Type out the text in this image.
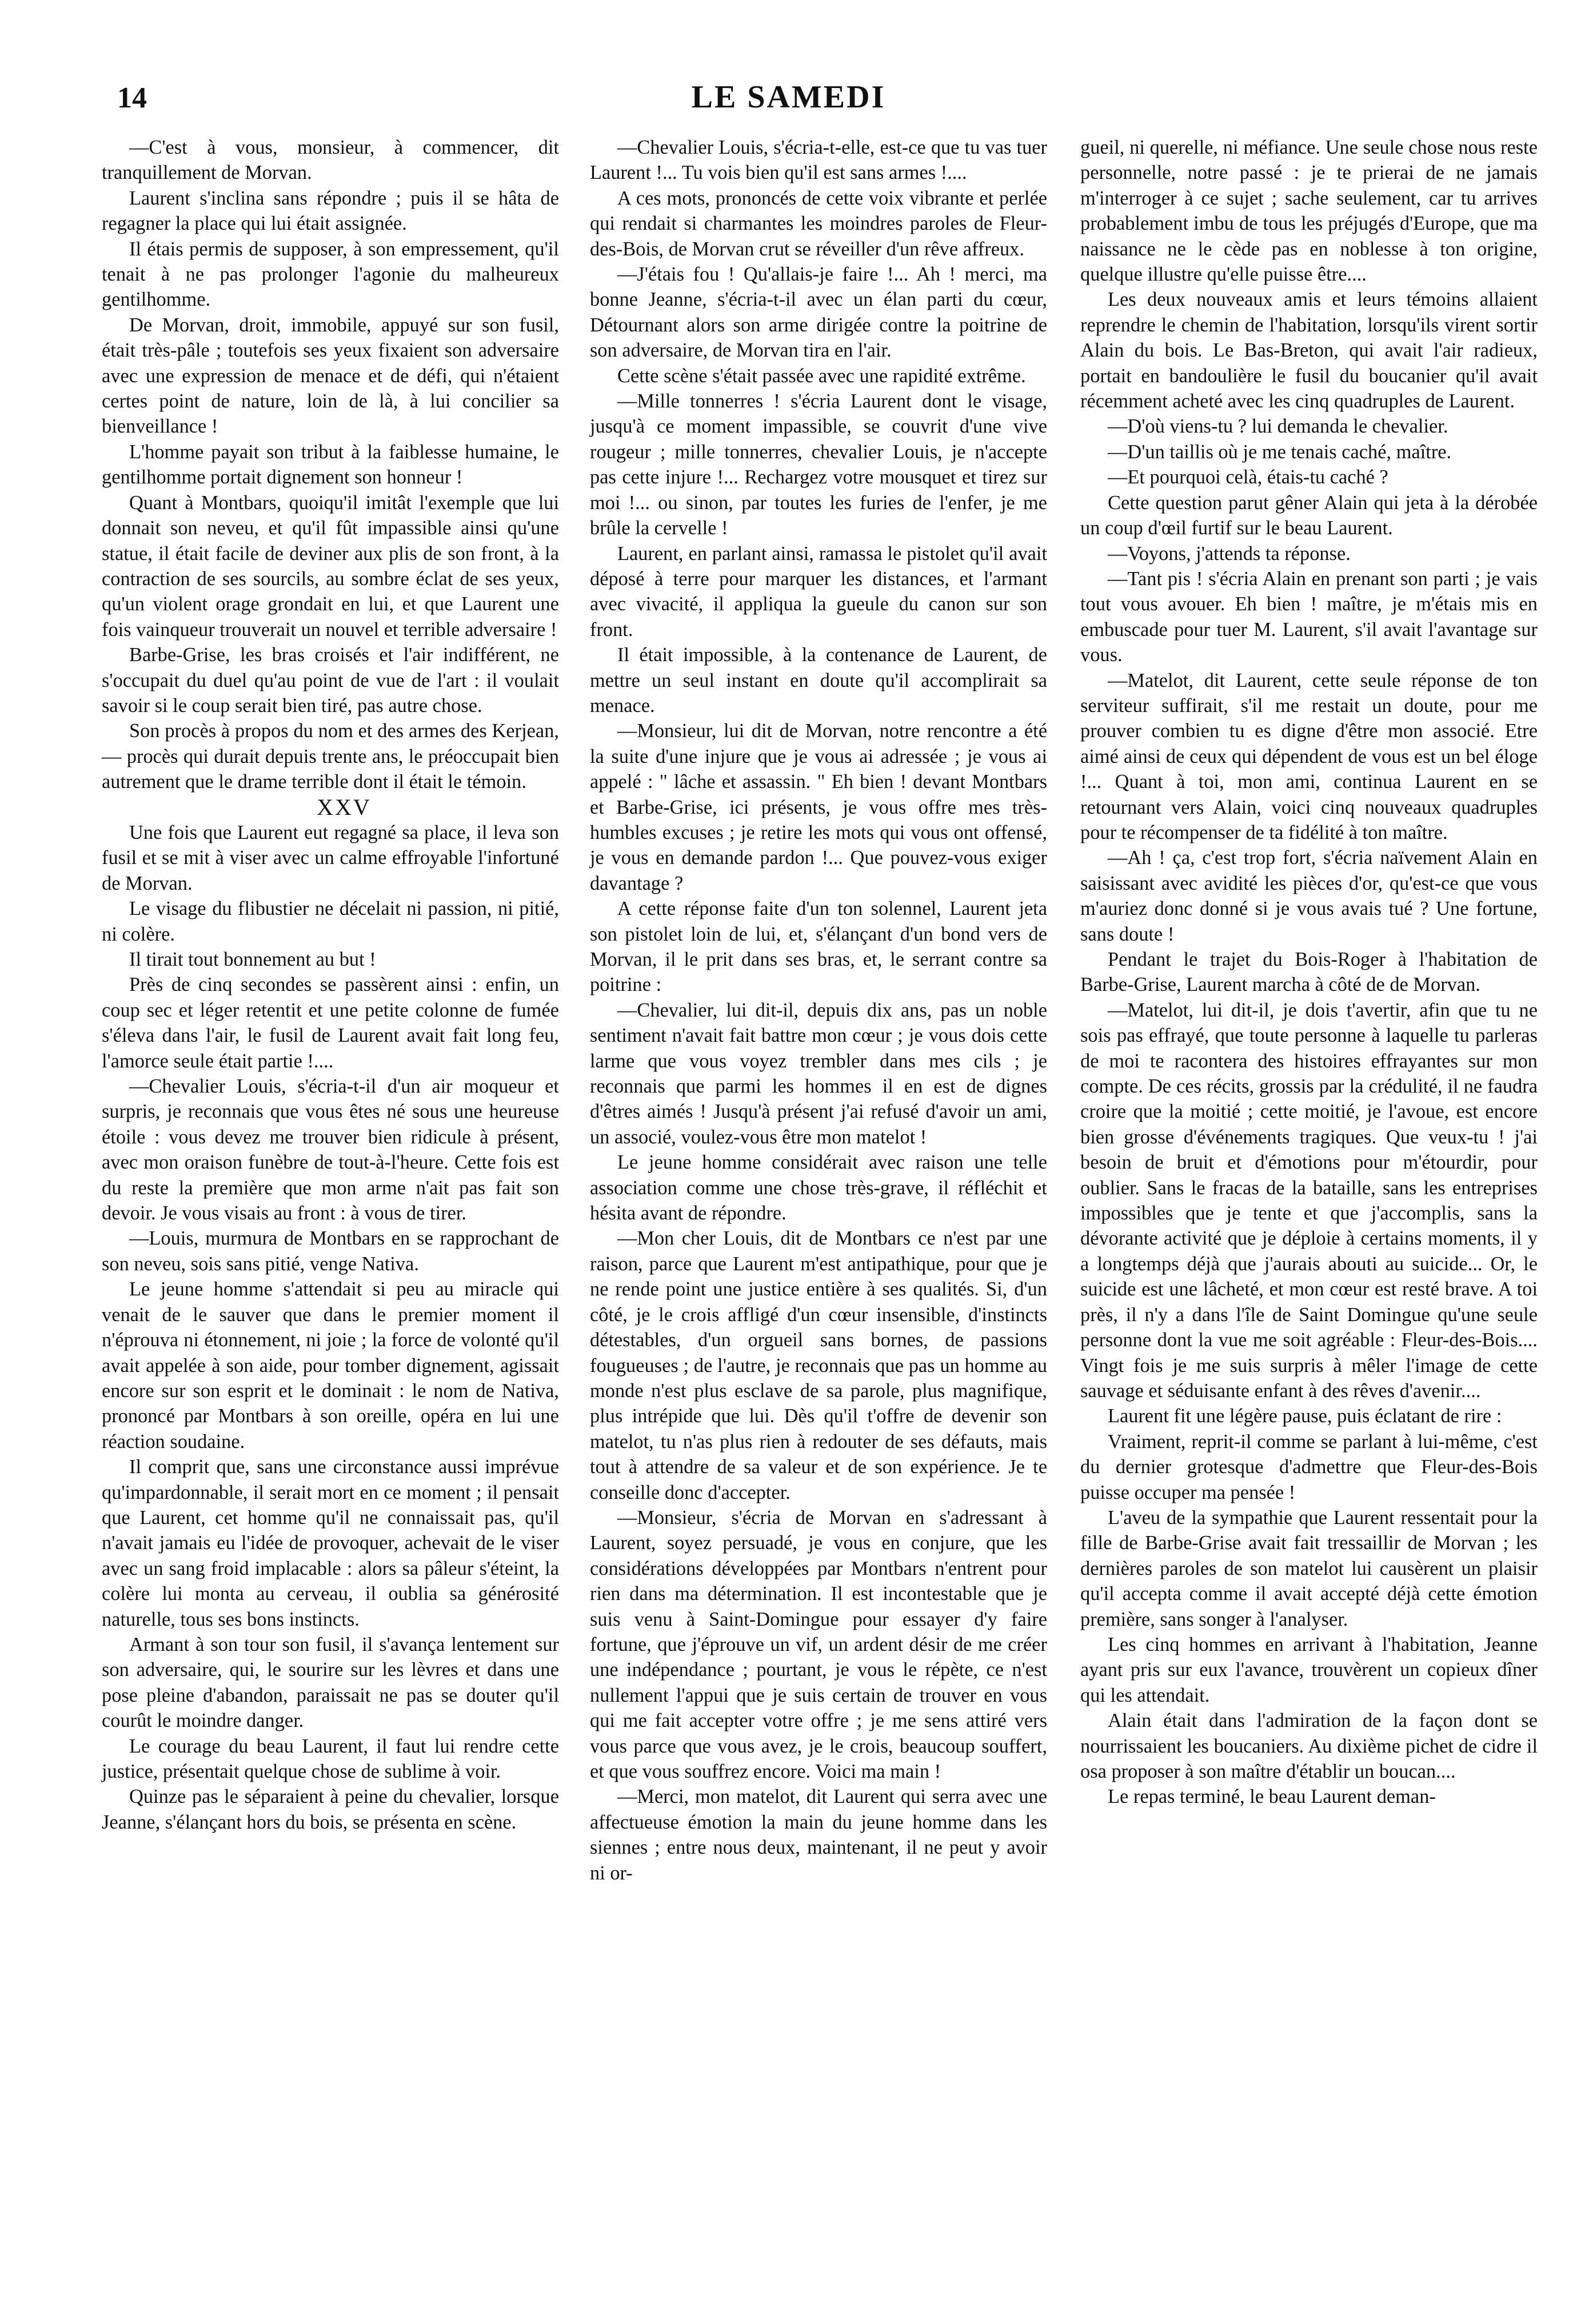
14	LE SAMEDI

—C'est à vous, monsieur, à commencer, dit tranquillement de Morvan.

Laurent s'inclina sans répondre ; puis il se hâta de regagner la place qui lui était assignée.

Il étais permis de supposer, à son empressement, qu'il tenait à ne pas prolonger l'agonie du malheureux gentilhomme.

De Morvan, droit, immobile, appuyé sur son fusil, était très-pâle ; toutefois ses yeux fixaient son adversaire avec une expression de menace et de défi, qui n'étaient certes point de nature, loin de là, à lui concilier sa bienveillance !

L'homme payait son tribut à la faiblesse humaine, le gentilhomme portait dignement son honneur !

Quant à Montbars, quoiqu'il imitât l'exemple que lui donnait son neveu, et qu'il fût impassible ainsi qu'une statue, il était facile de deviner aux plis de son front, à la contraction de ses sourcils, au sombre éclat de ses yeux, qu'un violent orage grondait en lui, et que Laurent une fois vainqueur trouverait un nouvel et terrible adversaire !

Barbe-Grise, les bras croisés et l'air indifférent, ne s'occupait du duel qu'au point de vue de l'art : il voulait savoir si le coup serait bien tiré, pas autre chose.

Son procès à propos du nom et des armes des Kerjean, — procès qui durait depuis trente ans, le préoccupait bien autrement que le drame terrible dont il était le témoin.

XXV

Une fois que Laurent eut regagné sa place, il leva son fusil et se mit à viser avec un calme effroyable l'infortuné de Morvan.

Le visage du flibustier ne décelait ni passion, ni pitié, ni colère.

Il tirait tout bonnement au but !

Près de cinq secondes se passèrent ainsi : enfin, un coup sec et léger retentit et une petite colonne de fumée s'éleva dans l'air, le fusil de Laurent avait fait long feu, l'amorce seule était partie !....

—Chevalier Louis, s'écria-t-il d'un air moqueur et surpris, je reconnais que vous êtes né sous une heureuse étoile : vous devez me trouver bien ridicule à présent, avec mon oraison funèbre de tout-à-l'heure. Cette fois est du reste la première que mon arme n'ait pas fait son devoir. Je vous visais au front : à vous de tirer.

—Louis, murmura de Montbars en se rapprochant de son neveu, sois sans pitié, venge Nativa.

Le jeune homme s'attendait si peu au miracle qui venait de le sauver que dans le premier moment il n'éprouva ni étonnement, ni joie ; la force de volonté qu'il avait appelée à son aide, pour tomber dignement, agissait encore sur son esprit et le dominait : le nom de Nativa, prononcé par Montbars à son oreille, opéra en lui une réaction soudaine.

Il comprit que, sans une circonstance aussi imprévue qu'impardonnable, il serait mort en ce moment ; il pensait que Laurent, cet homme qu'il ne connaissait pas, qu'il n'avait jamais eu l'idée de provoquer, achevait de le viser avec un sang froid implacable : alors sa pâleur s'éteint, la colère lui monta au cerveau, il oublia sa générosité naturelle, tous ses bons instincts.

Armant à son tour son fusil, il s'avança lentement sur son adversaire, qui, le sourire sur les lèvres et dans une pose pleine d'abandon, paraissait ne pas se douter qu'il courût le moindre danger.

Le courage du beau Laurent, il faut lui rendre cette justice, présentait quelque chose de sublime à voir.

Quinze pas le séparaient à peine du chevalier, lorsque Jeanne, s'élançant hors du bois, se présenta en scène.

—Chevalier Louis, s'écria-t-elle, est-ce que tu vas tuer Laurent !... Tu vois bien qu'il est sans armes !....

A ces mots, prononcés de cette voix vibrante et perlée qui rendait si charmantes les moindres paroles de Fleur-des-Bois, de Morvan crut se réveiller d'un rêve affreux.

—J'étais fou ! Qu'allais-je faire !... Ah ! merci, ma bonne Jeanne, s'écria-t-il avec un élan parti du cœur, Détournant alors son arme dirigée contre la poitrine de son adversaire, de Morvan tira en l'air.

Cette scène s'était passée avec une rapidité extrême.

—Mille tonnerres ! s'écria Laurent dont le visage, jusqu'à ce moment impassible, se couvrit d'une vive rougeur ; mille tonnerres, chevalier Louis, je n'accepte pas cette injure !... Rechargez votre mousquet et tirez sur moi !... ou sinon, par toutes les furies de l'enfer, je me brûle la cervelle !

Laurent, en parlant ainsi, ramassa le pistolet qu'il avait déposé à terre pour marquer les distances, et l'armant avec vivacité, il appliqua la gueule du canon sur son front.

Il était impossible, à la contenance de Laurent, de mettre un seul instant en doute qu'il accomplirait sa menace.

—Monsieur, lui dit de Morvan, notre rencontre a été la suite d'une injure que je vous ai adressée ; je vous ai appelé : " lâche et assassin. " Eh bien ! devant Montbars et Barbe-Grise, ici présents, je vous offre mes très-humbles excuses ; je retire les mots qui vous ont offensé, je vous en demande pardon !... Que pouvez-vous exiger davantage ?

A cette réponse faite d'un ton solennel, Laurent jeta son pistolet loin de lui, et, s'élançant d'un bond vers de Morvan, il le prit dans ses bras, et, le serrant contre sa poitrine :

—Chevalier, lui dit-il, depuis dix ans, pas un noble sentiment n'avait fait battre mon cœur ; je vous dois cette larme que vous voyez trembler dans mes cils ; je reconnais que parmi les hommes il en est de dignes d'êtres aimés ! Jusqu'à présent j'ai refusé d'avoir un ami, un associé, voulez-vous être mon matelot !

Le jeune homme considérait avec raison une telle association comme une chose très-grave, il réfléchit et hésita avant de répondre.

—Mon cher Louis, dit de Montbars ce n'est par une raison, parce que Laurent m'est antipathique, pour que je ne rende point une justice entière à ses qualités. Si, d'un côté, je le crois affligé d'un cœur insensible, d'instincts détestables, d'un orgueil sans bornes, de passions fougueuses ; de l'autre, je reconnais que pas un homme au monde n'est plus esclave de sa parole, plus magnifique, plus intrépide que lui. Dès qu'il t'offre de devenir son matelot, tu n'as plus rien à redouter de ses défauts, mais tout à attendre de sa valeur et de son expérience. Je te conseille donc d'accepter.

—Monsieur, s'écria de Morvan en s'adressant à Laurent, soyez persuadé, je vous en conjure, que les considérations développées par Montbars n'entrent pour rien dans ma détermination. Il est incontestable que je suis venu à Saint-Domingue pour essayer d'y faire fortune, que j'éprouve un vif, un ardent désir de me créer une indépendance ; pourtant, je vous le répète, ce n'est nullement l'appui que je suis certain de trouver en vous qui me fait accepter votre offre ; je me sens attiré vers vous parce que vous avez, je le crois, beaucoup souffert, et que vous souffrez encore. Voici ma main !

—Merci, mon matelot, dit Laurent qui serra avec une affectueuse émotion la main du jeune homme dans les siennes ; entre nous deux, maintenant, il ne peut y avoir ni or-

gueil, ni querelle, ni méfiance. Une seule chose nous reste personnelle, notre passé : je te prierai de ne jamais m'interroger à ce sujet ; sache seulement, car tu arrives probablement imbu de tous les préjugés d'Europe, que ma naissance ne le cède pas en noblesse à ton origine, quelque illustre qu'elle puisse être....

Les deux nouveaux amis et leurs témoins allaient reprendre le chemin de l'habitation, lorsqu'ils virent sortir Alain du bois. Le Bas-Breton, qui avait l'air radieux, portait en bandoulière le fusil du boucanier qu'il avait récemment acheté avec les cinq quadruples de Laurent.

—D'où viens-tu ? lui demanda le chevalier.

—D'un taillis où je me tenais caché, maître.

—Et pourquoi celà, étais-tu caché ?

Cette question parut gêner Alain qui jeta à la dérobée un coup d'œil furtif sur le beau Laurent.

—Voyons, j'attends ta réponse.

—Tant pis ! s'écria Alain en prenant son parti ; je vais tout vous avouer. Eh bien ! maître, je m'étais mis en embuscade pour tuer M. Laurent, s'il avait l'avantage sur vous.

—Matelot, dit Laurent, cette seule réponse de ton serviteur suffirait, s'il me restait un doute, pour me prouver combien tu es digne d'être mon associé. Etre aimé ainsi de ceux qui dépendent de vous est un bel éloge !... Quant à toi, mon ami, continua Laurent en se retournant vers Alain, voici cinq nouveaux quadruples pour te récompenser de ta fidélité à ton maître.

—Ah ! ça, c'est trop fort, s'écria naïvement Alain en saisissant avec avidité les pièces d'or, qu'est-ce que vous m'auriez donc donné si je vous avais tué ? Une fortune, sans doute !

Pendant le trajet du Bois-Roger à l'habitation de Barbe-Grise, Laurent marcha à côté de de Morvan.

—Matelot, lui dit-il, je dois t'avertir, afin que tu ne sois pas effrayé, que toute personne à laquelle tu parleras de moi te racontera des histoires effrayantes sur mon compte. De ces récits, grossis par la crédulité, il ne faudra croire que la moitié ; cette moitié, je l'avoue, est encore bien grosse d'événements tragiques. Que veux-tu ! j'ai besoin de bruit et d'émotions pour m'étourdir, pour oublier. Sans le fracas de la bataille, sans les entreprises impossibles que je tente et que j'accomplis, sans la dévorante activité que je déploie à certains moments, il y a longtemps déjà que j'aurais abouti au suicide... Or, le suicide est une lâcheté, et mon cœur est resté brave. A toi près, il n'y a dans l'île de Saint Domingue qu'une seule personne dont la vue me soit agréable : Fleur-des-Bois.... Vingt fois je me suis surpris à mêler l'image de cette sauvage et séduisante enfant à des rêves d'avenir....

Laurent fit une légère pause, puis éclatant de rire :

Vraiment, reprit-il comme se parlant à lui-même, c'est du dernier grotesque d'admettre que Fleur-des-Bois puisse occuper ma pensée !

L'aveu de la sympathie que Laurent ressentait pour la fille de Barbe-Grise avait fait tressaillir de Morvan ; les dernières paroles de son matelot lui causèrent un plaisir qu'il accepta comme il avait accepté déjà cette émotion première, sans songer à l'analyser.

Les cinq hommes en arrivant à l'habitation, Jeanne ayant pris sur eux l'avance, trouvèrent un copieux dîner qui les attendait.

Alain était dans l'admiration de la façon dont se nourrissaient les boucaniers. Au dixième pichet de cidre il osa proposer à son maître d'établir un boucan....

Le repas terminé, le beau Laurent deman-
